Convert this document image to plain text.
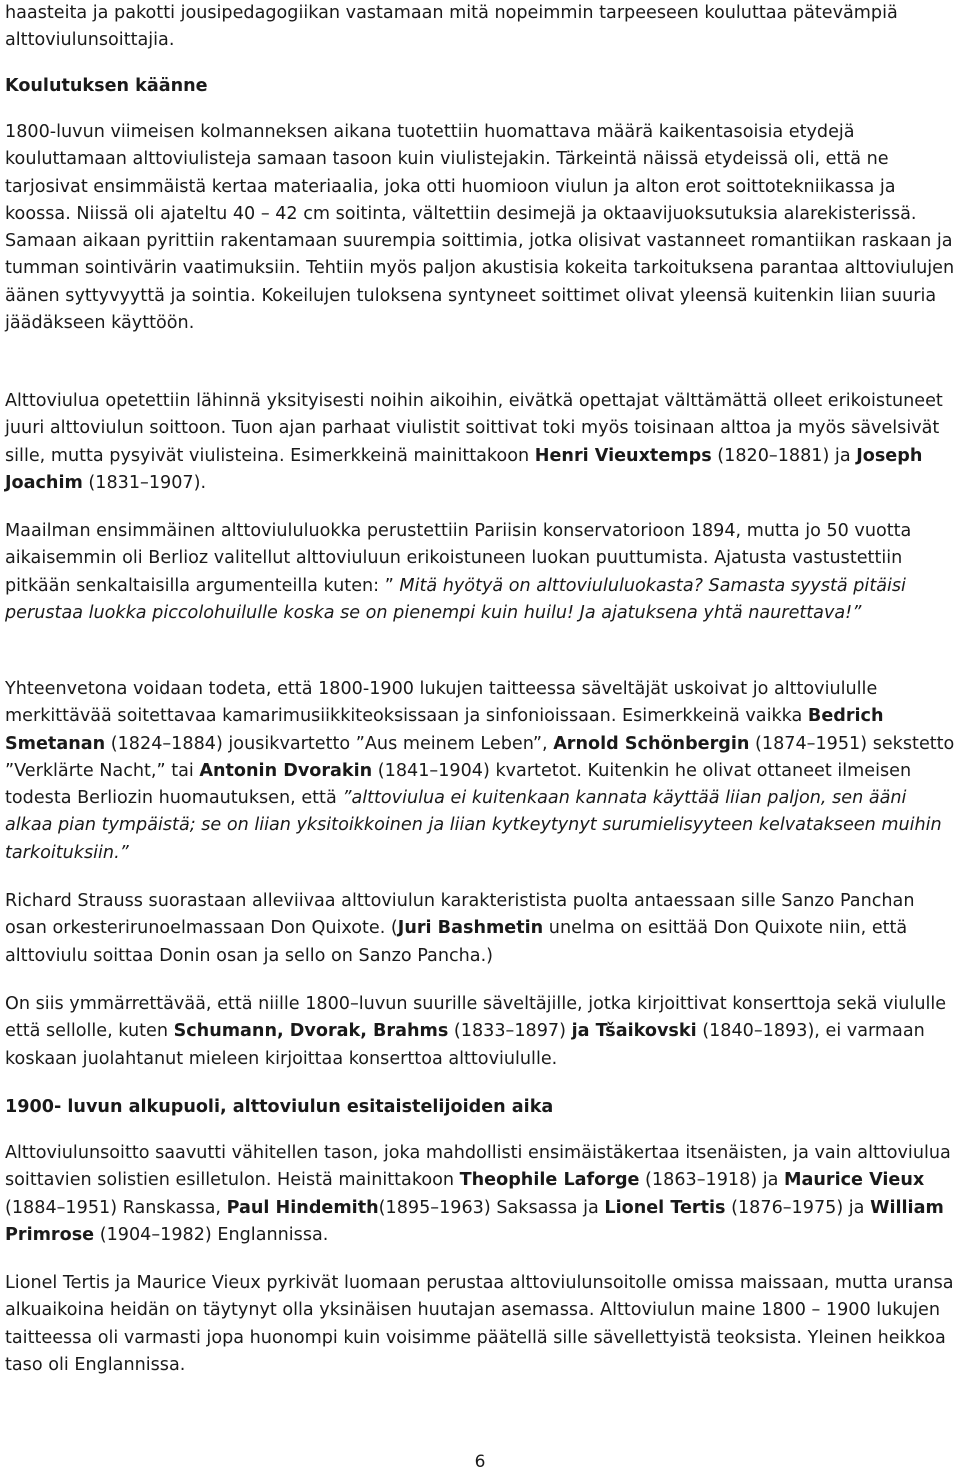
haasteita ja pakotti jousipedagogiikan vastamaan mitä nopeimmin tarpeeseen kouluttaa pätevämpiä alttoviulunsoittajia.

Koulutuksen käänne

1800-luvun viimeisen kolmanneksen aikana tuotettiin huomattava määrä kaikentasoisia etydejä kouluttamaan alttoviulisteja samaan tasoon kuin viulistejakin. Tärkeintä näissä etydeissä oli, että ne tarjosivat ensimmäistä kertaa materiaalia, joka otti huomioon viulun ja alton erot soittotekniikassa ja koossa. Niissä oli ajateltu 40 – 42 cm soitinta, vältettiin desimejä ja oktaavijuoksutuksia alarekisterissä. Samaan aikaan pyrittiin rakentamaan suurempia soittimia, jotka olisivat vastanneet romantiikan raskaan ja tumman sointivärin vaatimuksiin. Tehtiin myös paljon akustisia kokeita tarkoituksena parantaa alttoviulujen äänen syttyvyyttä ja sointia. Kokeilujen tuloksena syntyneet soittimet olivat yleensä kuitenkin liian suuria jäädäkseen käyttöön.

Alttoviulua opetettiin lähinnä yksityisesti noihin aikoihin, eivätkä opettajat välttämättä olleet erikoistuneet juuri alttoviulun soittoon. Tuon ajan parhaat viulistit soittivat toki myös toisinaan alttoa ja myös sävelsivät sille, mutta pysyivät viulisteina. Esimerkkeinä mainittakoon Henri Vieuxtemps (1820–1881) ja Joseph Joachim (1831–1907).

Maailman ensimmäinen alttoviululuokka perustettiin Pariisin konservatorioon 1894, mutta jo 50 vuotta aikaisemmin oli Berlioz valitellut alttoviuluun erikoistuneen luokan puuttumista. Ajatusta vastustettiin pitkään senkaltaisilla argumenteilla kuten: ” Mitä hyötyä on alttoviululuokasta? Samasta syystä pitäisi perustaa luokka piccolohuilulle koska se on pienempi kuin huilu! Ja ajatuksena yhtä naurettava!”

Yhteenvetona voidaan todeta, että 1800-1900 lukujen taitteessa säveltäjät uskoivat jo alttoviululle merkittävää soitettavaa kamarimusiikkiteoksissaan ja sinfonioissaan. Esimerkkeinä vaikka Bedrich Smetanan (1824–1884) jousikvartetto ”Aus meinem Leben”, Arnold Schönbergin (1874–1951) sekstetto ”Verklärte Nacht,” tai Antonin Dvorakin (1841–1904) kvartetot. Kuitenkin he olivat ottaneet ilmeisen todesta Berliozin huomautuksen, että ”alttoviulua ei kuitenkaan kannata käyttää liian paljon, sen ääni alkaa pian tympäistä; se on liian yksitoikkoinen ja liian kytkeytynyt surumielisyyteen kelvatakseen muihin tarkoituksiin.”

Richard Strauss suorastaan alleviivaa alttoviulun karakteristista puolta antaessaan sille Sanzo Panchan osan orkesterirunoelmassaan Don Quixote. (Juri Bashmetin unelma on esittää Don Quixote niin, että alttoviulu soittaa Donin osan ja sello on Sanzo Pancha.)

On siis ymmärrettävää, että niille 1800–luvun suurille säveltäjille, jotka kirjoittivat konserttoja sekä viululle että sellolle, kuten Schumann, Dvorak, Brahms (1833–1897) ja Tšaikovski (1840–1893), ei varmaan koskaan juolahtanut mieleen kirjoittaa konserttoa alttoviululle.

1900- luvun alkupuoli, alttoviulun esitaistelijoiden aika

Alttoviulunsoitto saavutti vähitellen tason, joka mahdollisti ensimäistäkertaa itsenäisten, ja vain alttoviulua soittavien solistien esilletulon. Heistä mainittakoon Theophile Laforge (1863–1918) ja Maurice Vieux (1884–1951) Ranskassa, Paul Hindemith(1895–1963) Saksassa ja Lionel Tertis (1876–1975) ja William Primrose (1904–1982) Englannissa.

Lionel Tertis ja Maurice Vieux pyrkivät luomaan perustaa alttoviulunsoitolle omissa maissaan, mutta uransa alkuaikoina heidän on täytynyt olla yksinäisen huutajan asemassa. Alttoviulun maine 1800 – 1900 lukujen taitteessa oli varmasti jopa huonompi kuin voisimme päätellä sille sävellettyistä teoksista. Yleinen heikkoa taso oli Englannissa.

6
